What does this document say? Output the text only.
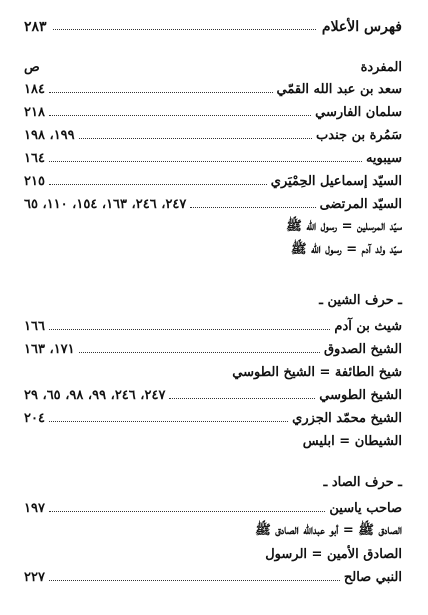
فهرس الأعلام
٢٨٣
المفردة
ص
سعد بن عبد الله القمّي
١٨٤
سلمان الفارسي
٢١٨
سَمُرة بن جندب
١٩٩، ١٩٨
سيبويه
١٦٤
السيّد إسماعيل الحِمْيَري
٢١٥
السيّد المرتضى
٢٤٧، ٢٤٦، ١٦٣، ١٥٤، ١١٠، ٦٥
سيّد المرسلين = رسول الله ﷺ
سيّد ولد آدم = رسول الله ﷺ
ـ حرف الشين ـ
شيث بن آدم
١٦٦
الشيخ الصدوق
١٧١، ١٦٣
شيخ الطائفة = الشيخ الطوسي
الشيخ الطوسي
٢٤٧، ٢٤٦، ٩٩، ٩٨، ٦٥، ٢٩
الشيخ محمّد الجزري
٢٠٤
الشيطان = ابليس
ـ حرف الصاد ـ
صاحب ياسين
١٩٧
الصادق ﷺ = أبو عبدالله الصادق ﷺ
الصادق الأمين = الرسول
النبي صالح
٢٢٧
